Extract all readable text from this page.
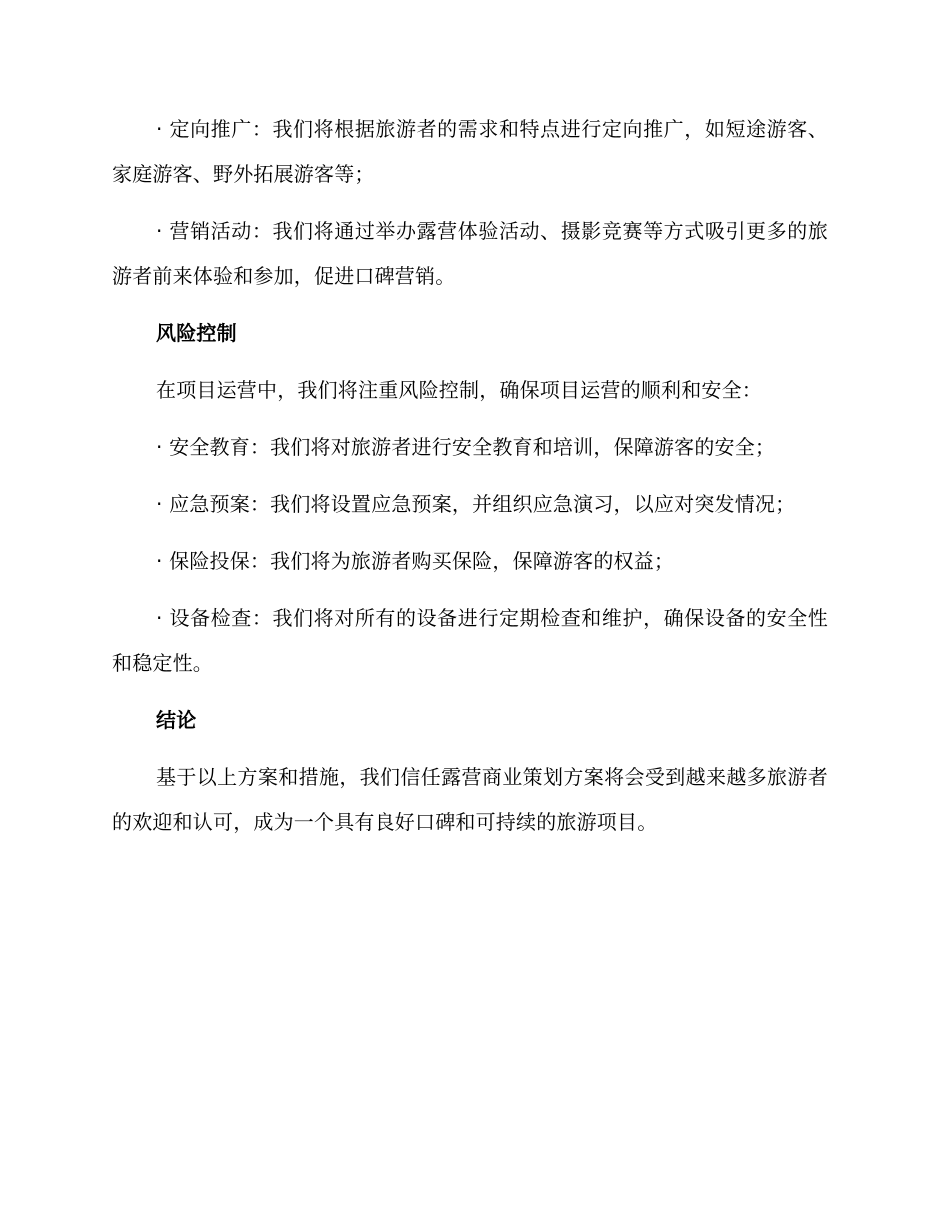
· 定向推广：我们将根据旅游者的需求和特点进行定向推广，如短途游客、家庭游客、野外拓展游客等；

· 营销活动：我们将通过举办露营体验活动、摄影竞赛等方式吸引更多的旅游者前来体验和参加，促进口碑营销。

风险控制

在项目运营中，我们将注重风险控制，确保项目运营的顺利和安全：

· 安全教育：我们将对旅游者进行安全教育和培训，保障游客的安全；

· 应急预案：我们将设置应急预案，并组织应急演习，以应对突发情况；

· 保险投保：我们将为旅游者购买保险，保障游客的权益；

· 设备检查：我们将对所有的设备进行定期检查和维护，确保设备的安全性和稳定性。

结论

基于以上方案和措施，我们信任露营商业策划方案将会受到越来越多旅游者的欢迎和认可，成为一个具有良好口碑和可持续的旅游项目。
